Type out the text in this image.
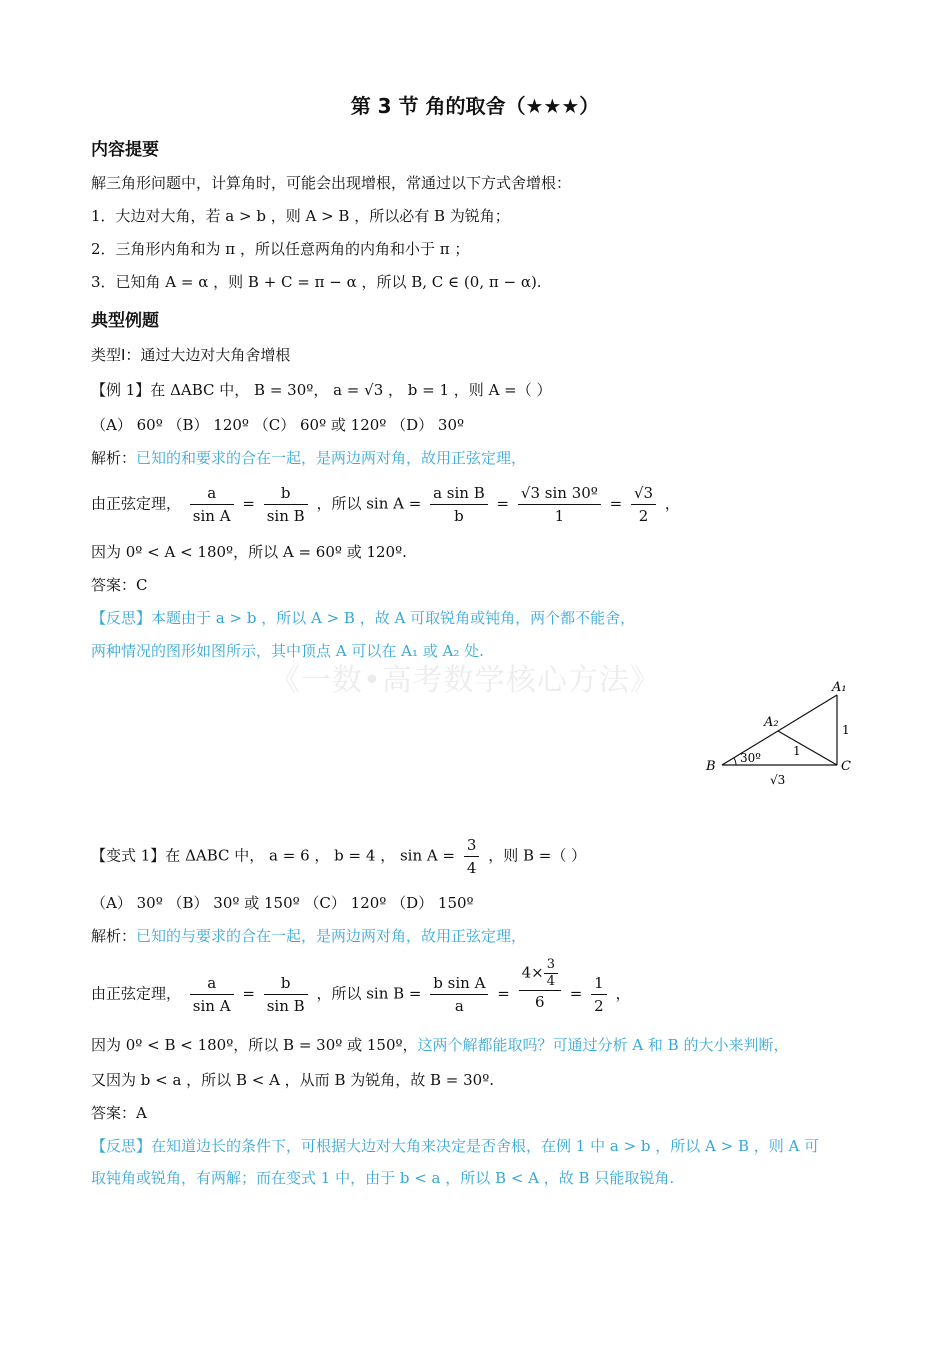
《一数•高考数学核心方法》
第 3 节 角的取舍（★★★）
内容提要
解三角形问题中，计算角时，可能会出现增根，常通过以下方式舍增根：
1．大边对大角，若 a > b ，则 A > B ，所以必有 B 为锐角；
2．三角形内角和为 π ，所以任意两角的内角和小于 π ；
3．已知角 A = α ，则 B + C = π − α ，所以 B, C ∈ (0, π − α).
典型例题
类型Ⅰ：通过大边对大角舍增根
【例 1】在 ΔABC 中， B = 30º， a = √3 ， b = 1 ，则 A =（ ）
（A） 60º （B） 120º （C） 60º 或 120º （D） 30º
解析：已知的和要求的合在一起，是两边两对角，故用正弦定理，
由正弦定理， $\frac{a}{\text{sin A}} = \frac{b}{\text{sin B}}$ ，所以 $\sin A = \frac{\text{a sin B}}{b} = \frac{\text{√3 sin 30º}}{1} = \frac{√3}{2}$ ，
因为 0º < A < 180º，所以 A = 60º 或 120º.
答案：C
【反思】本题由于 a > b ，所以 A > B ，故 A 可取锐角或钝角，两个都不能舍，
两种情况的图形如图所示，其中顶点 A 可以在 A₁ 或 A₂ 处.
A₁
A₂
B	C
30º
1
1
√3
【变式 1】在 ΔABC 中， a = 6 ， b = 4 ， $\sin A = \frac{3}{4}$ ，则 B =（ ）
（A） 30º （B） 30º 或 150º （C） 120º （D） 150º
解析：已知的与要求的合在一起，是两边两对角，故用正弦定理，
由正弦定理， $\frac{a}{\text{sin A}} = \frac{b}{\text{sin B}}$ ，所以 $\sin B = \frac{\text{b sin A}}{a} = \frac{4\times \frac{3}{4}}{6} = \frac{1}{2}$ ，
因为 0º < B < 180º，所以 B = 30º 或 150º，这两个解都能取吗？可通过分析 A 和 B 的大小来判断，
又因为 b < a ，所以 B < A ，从而 B 为锐角，故 B = 30º.
答案：A
【反思】在知道边长的条件下，可根据大边对大角来决定是否舍根，在例 1 中 a > b ，所以 A > B ，则 A 可
取钝角或锐角，有两解；而在变式 1 中，由于 b < a ，所以 B < A ，故 B 只能取锐角.
